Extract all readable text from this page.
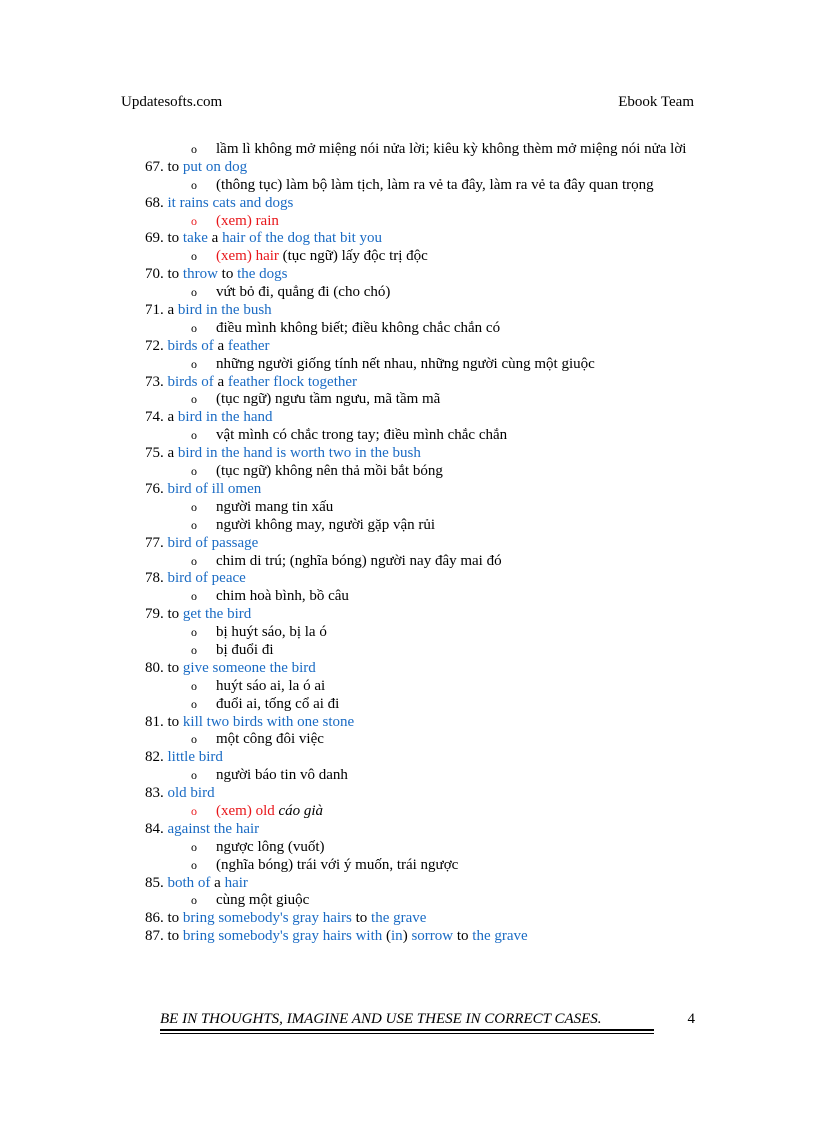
Updatesofts.com	Ebook Team
o lầm lì không mở miệng nói nửa lời; kiêu kỳ không thèm mở miệng nói nửa lời
67. to put on dog
o (thông tục) làm bộ làm tịch, làm ra vẻ ta đây, làm ra vẻ ta đây quan trọng
68. it rains cats and dogs
o (xem) rain
69. to take a hair of the dog that bit you
o (xem) hair (tục ngữ) lấy độc trị độc
70. to throw to the dogs
o vứt bỏ đi, quẳng đi (cho chó)
71. a bird in the bush
o điều mình không biết; điều không chắc chắn có
72. birds of a feather
o những người giống tính nết nhau, những người cùng một giuộc
73. birds of a feather flock together
o (tục ngữ) ngưu tầm ngưu, mã tầm mã
74. a bird in the hand
o vật mình có chắc trong tay; điều mình chắc chắn
75. a bird in the hand is worth two in the bush
o (tục ngữ) không nên thả mồi bắt bóng
76. bird of ill omen
o người mang tin xấu
o người không may, người gặp vận rủi
77. bird of passage
o chim di trú; (nghĩa bóng) người nay đây mai đó
78. bird of peace
o chim hoà bình, bồ câu
79. to get the bird
o bị huýt sáo, bị la ó
o bị đuổi đi
80. to give someone the bird
o huýt sáo ai, la ó ai
o đuổi ai, tống cổ ai đi
81. to kill two birds with one stone
o một công đôi việc
82. little bird
o người báo tin vô danh
83. old bird
o (xem) old cáo già
84. against the hair
o ngược lông (vuốt)
o (nghĩa bóng) trái với ý muốn, trái ngược
85. both of a hair
o cùng một giuộc
86. to bring somebody's gray hairs to the grave
87. to bring somebody's gray hairs with (in) sorrow to the grave
BE IN THOUGHTS, IMAGINE AND USE THESE IN CORRECT CASES.	4
